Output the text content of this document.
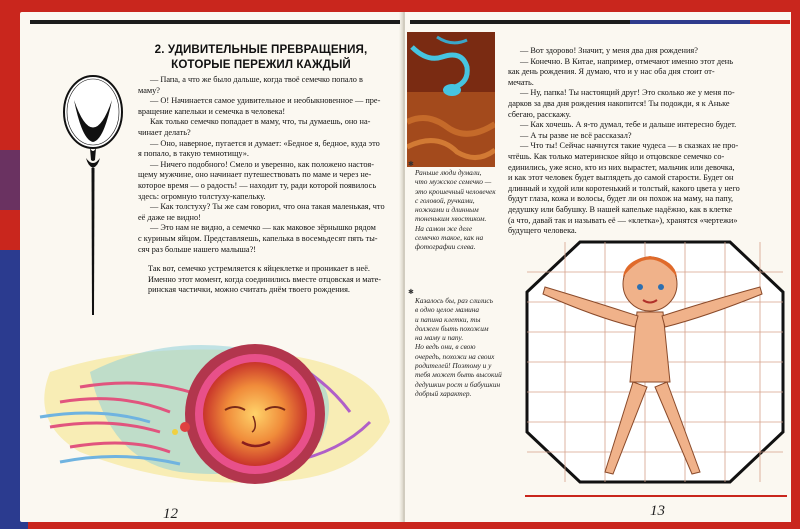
12	13
2. УДИВИТЕЛЬНЫЕ ПРЕВРАЩЕНИЯ,
КОТОРЫЕ ПЕРЕЖИЛ КАЖДЫЙ

— Папа, а что же было дальше, когда твоё семечко попало в

маму?

— О! Начинается самое удивительное и необыкновенное — пре-

вращение капельки и семечка в человека!

Как только семечко попадает в маму, что, ты думаешь, оно на-

чинает делать?

— Оно, наверное, пугается и думает: «Бедное я, бедное, куда это

я попало, в такую темнотищу».

— Ничего подобного! Смело и уверенно, как положено настоя-

щему мужчине, оно начинает путешествовать по маме и через не-

которое время — о радость! — находит ту, ради которой появилось

здесь: огромную толстуху-капельку.

— Как толстуху? Ты же сам говорил, что она такая маленькая, что

её даже не видно!

— Это нам не видно, а семечко — как маковое зёрнышко рядом

с куриным яйцом. Представляешь, капелька в восемьдесят пять ты-

сяч раз больше нашего малыша?!

Так вот, семечко устремляется к яйцеклетке и проникает в неё.

Именно этот момент, когда соединились вместе отцовская и мате-

ринская частички, можно считать днём твоего рождения.

— Вот здорово! Значит, у меня два дня рождения?

— Конечно. В Китае, например, отмечают именно этот день

как день рождения. Я думаю, что и у нас оба дня стоит от-

мечать.

— Ну, папка! Ты настоящий друг! Это сколько же у меня по-

дарков за два дня рождения накопится! Ты подожди, я к Аньке

сбегаю, расскажу.

— Как хочешь. А я-то думал, тебе и дальше интересно будет.

— А ты разве не всё рассказал?

— Что ты! Сейчас начнутся такие чудеса — в сказках не про-

чтёшь. Как только материнское яйцо и отцовское семечко со-

единились, уже ясно, кто из них вырастет, мальчик или девочка,

и как этот человек будет выглядеть до самой старости. Будет он

длинный и худой или коротенький и толстый, какого цвета у него

будут глаза, кожа и волосы, будет ли он похож на маму, на папу,

дедушку или бабушку. В нашей капельке надёжно, как в клетке

(а что, давай так и называть её — «клетка»), хранятся «чертежи»

будущего человека.

✱

Раньше люди думали,

что мужское семечко —

это крошечный человечек

с головой, ручками,

ножками и длинным

тоненьким хвостиком.

На самом же деле

семечко такое, как на

фотографии слева.

✱

Казалось бы, раз слились

в одно целое мамина

и папина клетки, ты

должен быть похожим

на маму и папу.

Но ведь они, в свою

очередь, похожи на своих

родителей! Поэтому и у

тебя может быть высокий

дедушкин рост и бабушкин

добрый характер.
